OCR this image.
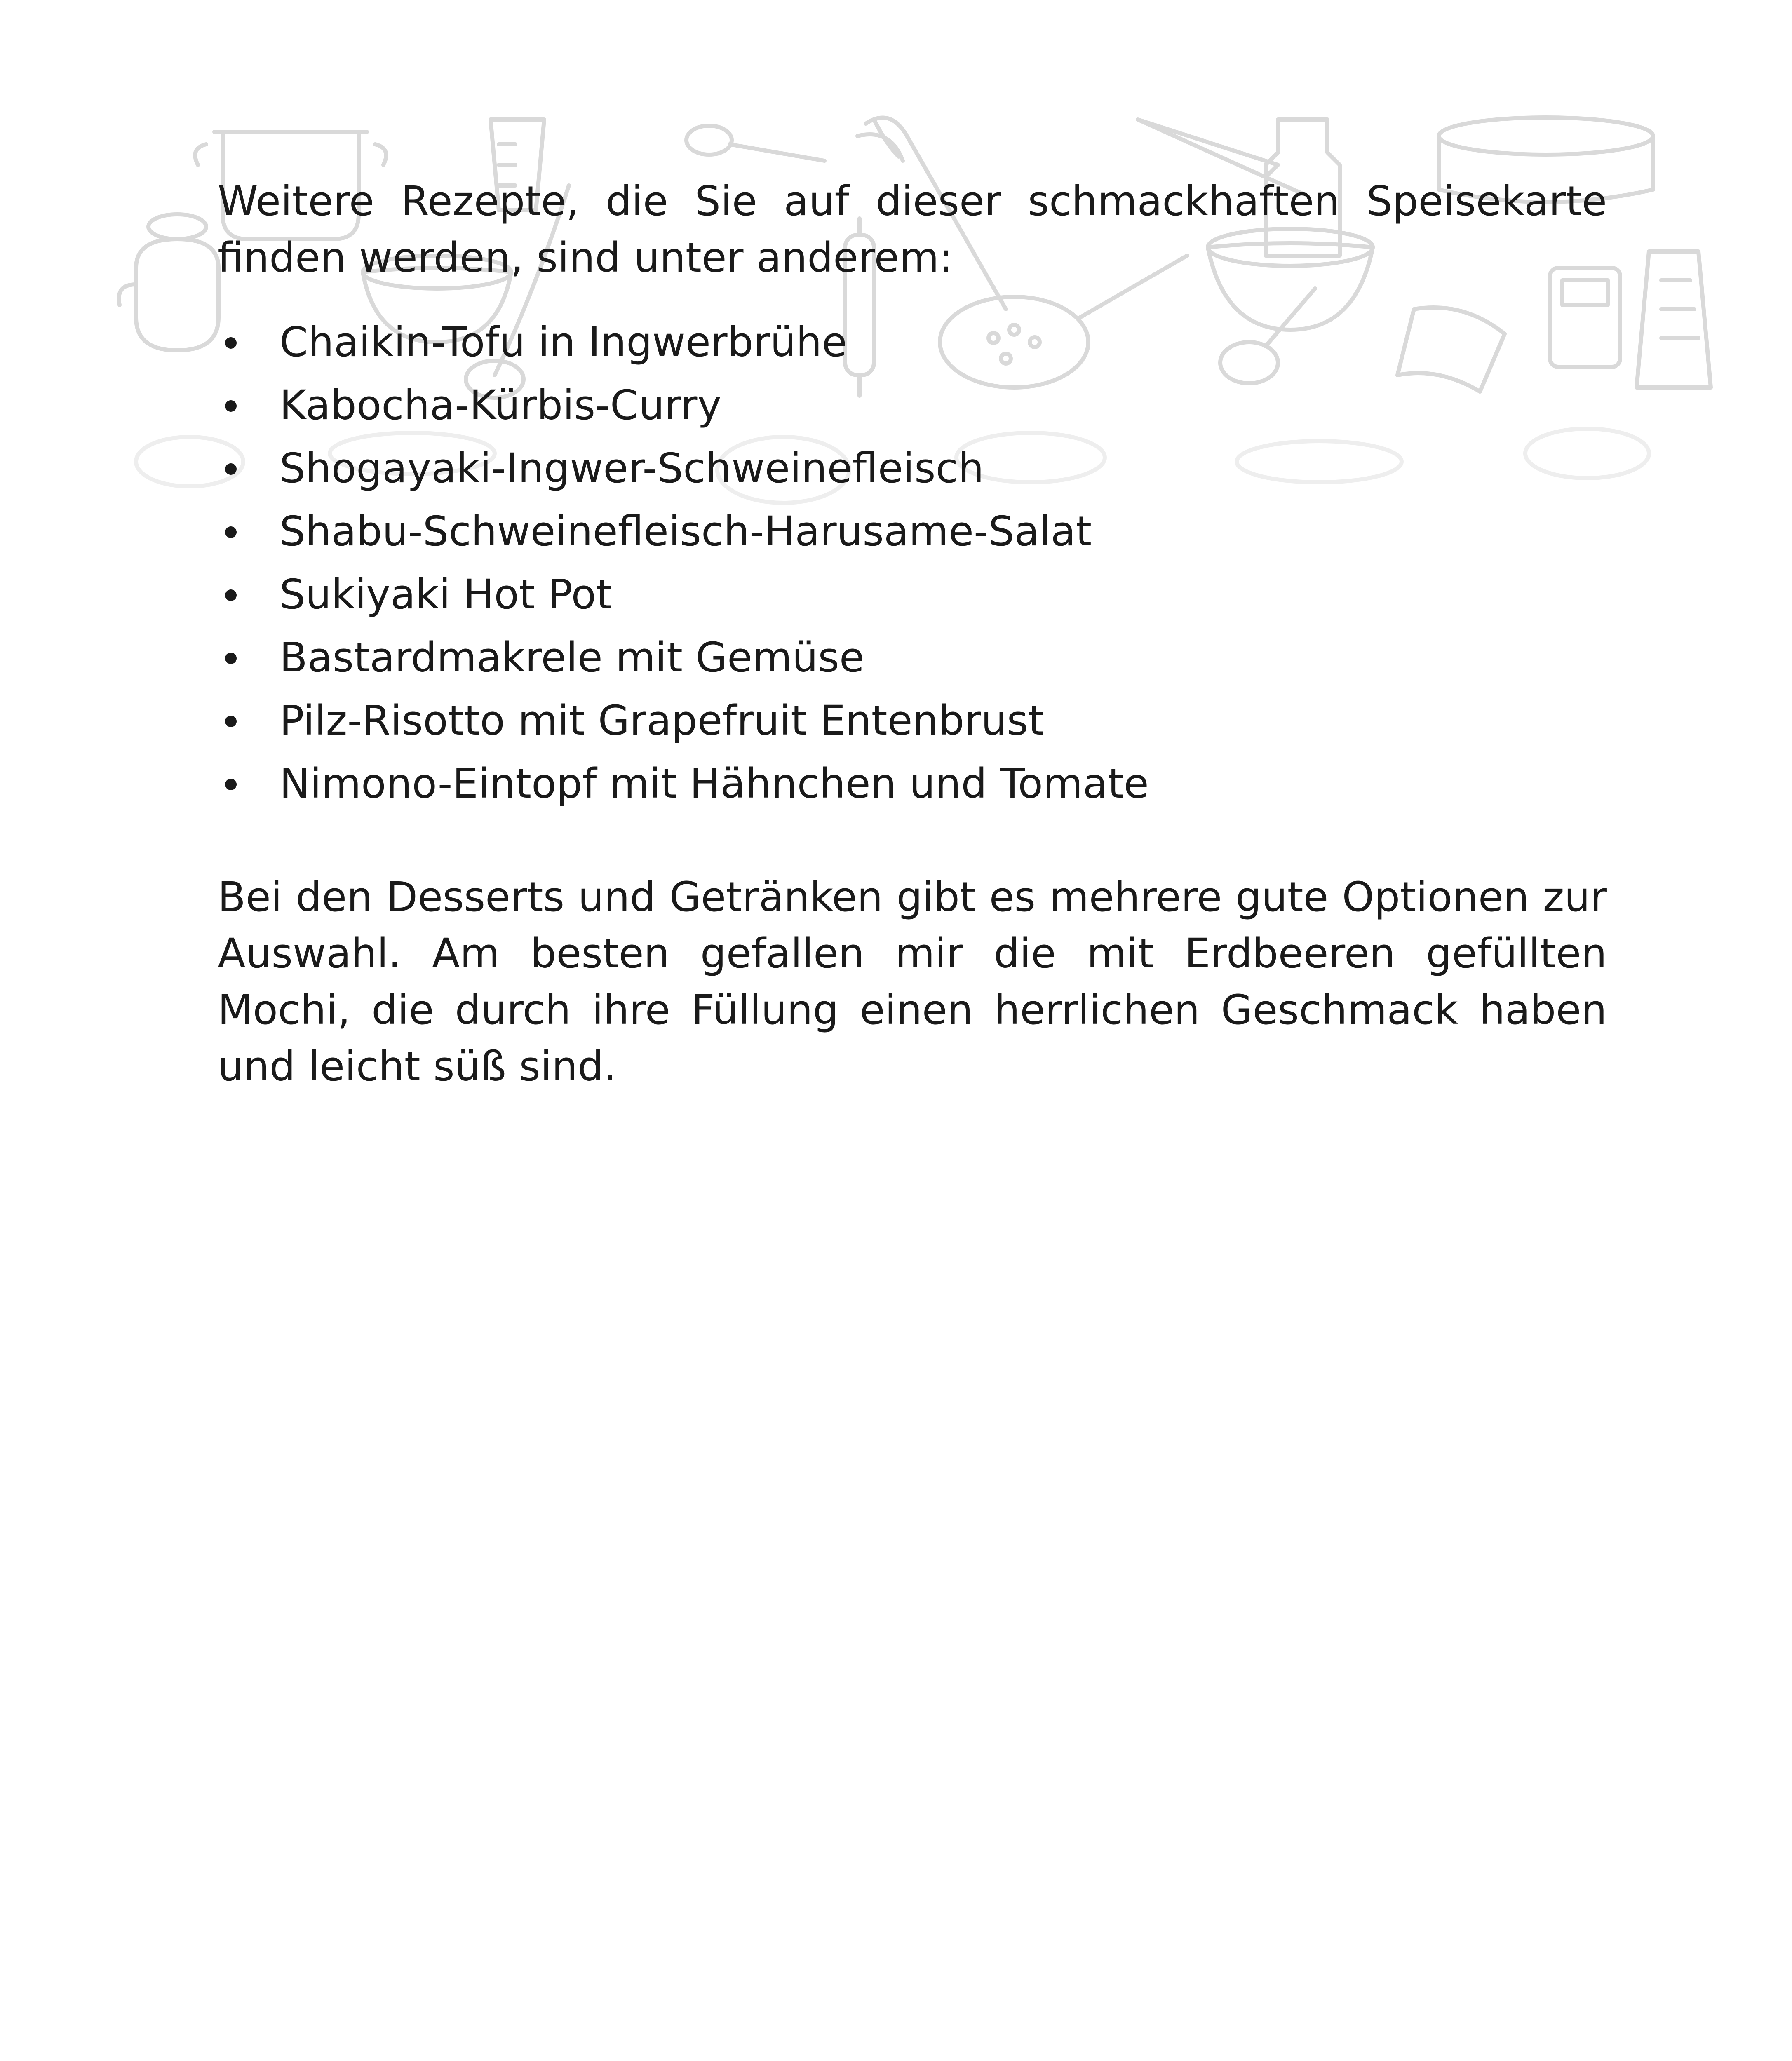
Weitere Rezepte, die Sie auf dieser schmackhaften Speisekarte finden werden, sind unter anderem:

Chaikin-Tofu in Ingwerbrühe
Kabocha-Kürbis-Curry
Shogayaki-Ingwer-Schweinefleisch
Shabu-Schweinefleisch-Harusame-Salat
Sukiyaki Hot Pot
Bastardmakrele mit Gemüse
Pilz-Risotto mit Grapefruit Entenbrust
Nimono-Eintopf mit Hähnchen und Tomate

Bei den Desserts und Getränken gibt es mehrere gute Optionen zur Auswahl. Am besten gefallen mir die mit Erdbeeren gefüllten Mochi, die durch ihre Füllung einen herrlichen Geschmack haben und leicht süß sind.
